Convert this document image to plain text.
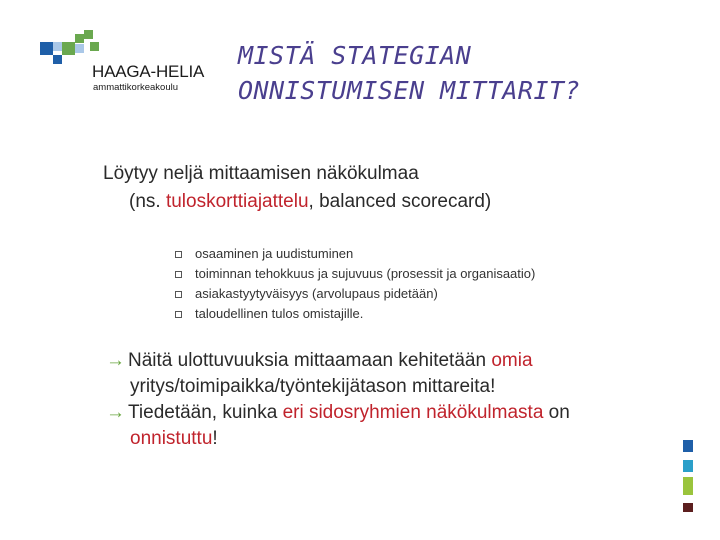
HAAGA-HELIA
ammattikorkeakoulu
MISTÄ STATEGIAN
ONNISTUMISEN MITTARIT?
Löytyy neljä mittaamisen näkökulmaa
(ns. tuloskorttiajattelu, balanced scorecard)
osaaminen ja uudistuminen
toiminnan tehokkuus ja sujuvuus (prosessit ja organisaatio)
asiakastyytyväisyys (arvolupaus pidetään)
taloudellinen tulos omistajille.
→ Näitä ulottuvuuksia mittaamaan kehitetään omia
yritys/toimipaikka/työntekijätason mittareita!
→ Tiedetään, kuinka eri sidosryhmien näkökulmasta on
onnistuttu!
